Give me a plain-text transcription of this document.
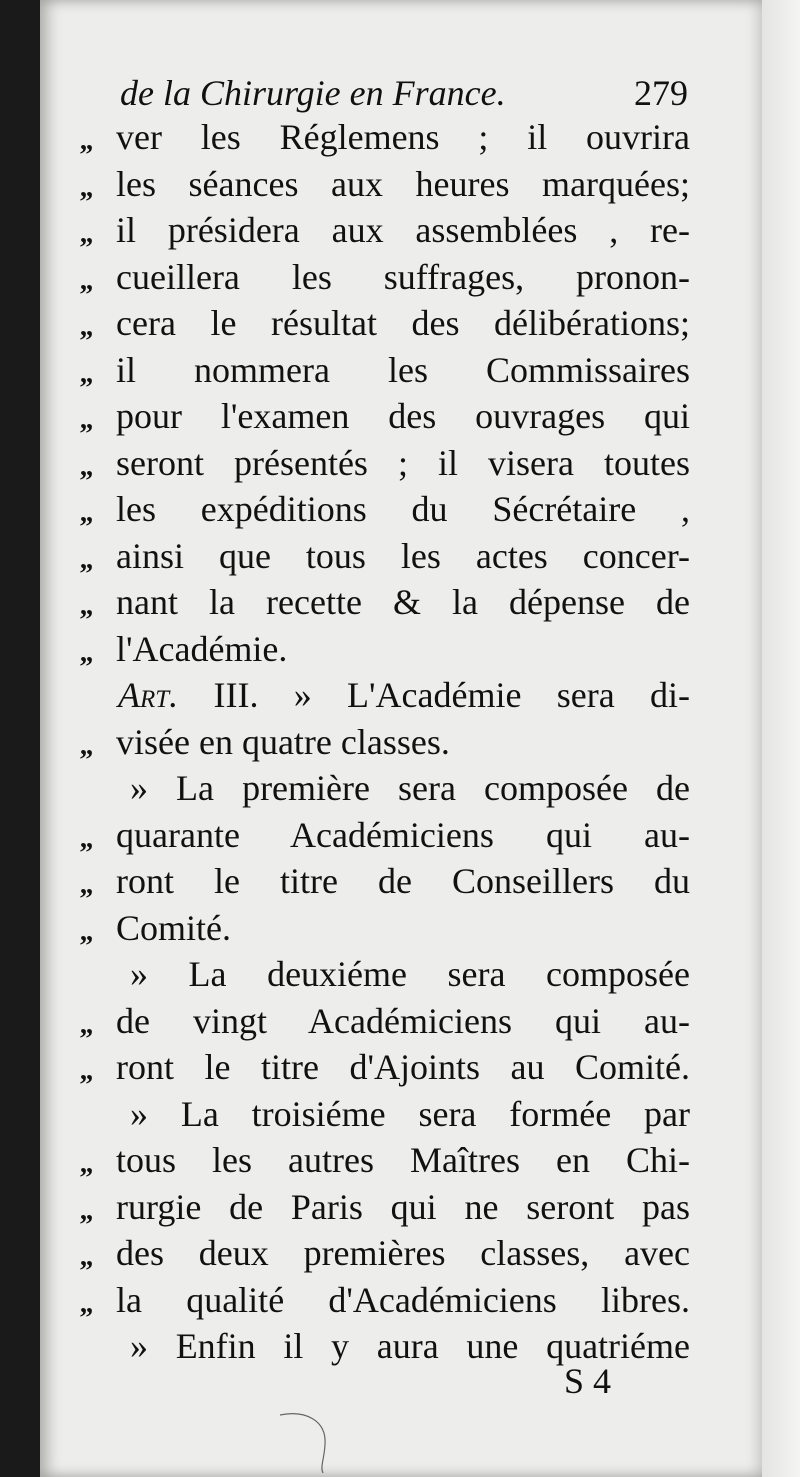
de la Chirurgie en France.	279
,, ver les Réglemens ; il ouvrira
,, les séances aux heures marquées;
,, il présidera aux assemblées , re-
,, cueillera les suffrages, pronon-
,, cera le résultat des délibérations;
,, il nommera les Commissaires
,, pour l'examen des ouvrages qui
,, seront présentés ; il visera toutes
,, les expéditions du Sécrétaire ,
,, ainsi que tous les actes concer-
,, nant la recette & la dépense de
,, l'Académie.
Art. III. » L'Académie sera di-
,, visée en quatre classes.
» La première sera composée de
,, quarante Académiciens qui au-
,, ront le titre de Conseillers du
,, Comité.
» La deuxiéme sera composée
,, de vingt Académiciens qui au-
,, ront le titre d'Ajoints au Comité.
» La troisiéme sera formée par
,, tous les autres Maîtres en Chi-
,, rurgie de Paris qui ne seront pas
,, des deux premières classes, avec
,, la qualité d'Académiciens libres.
» Enfin il y aura une quatriéme
S 4
